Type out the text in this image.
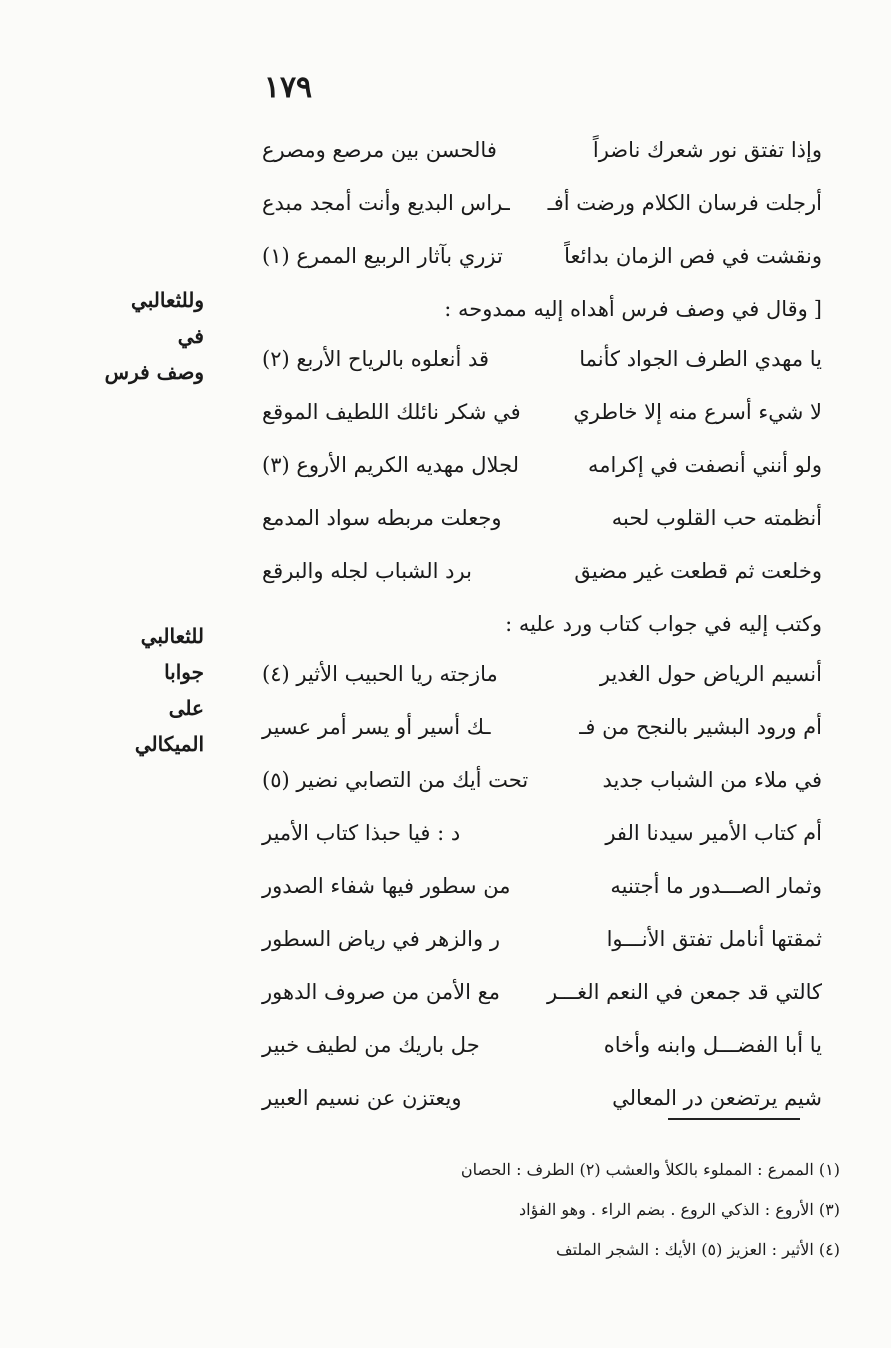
١٧٩
وللثعالبي في
وصف فرس
للثعالبي جوابا
على الميكالي
وإذا تفتق نور شعرك ناضراً
فالحسن بين مرصع ومصرع
أرجلت فرسان الكلام ورضت أفـ
ـراس البديع وأنت أمجد مبدع
ونقشت في فص الزمان بدائعاً
تزري بآثار الربيع الممرع (١)
[وقال في وصف فرس أهداه إليه ممدوحه :
يا مهدي الطرف الجواد كأنما
قد أنعلوه بالرياح الأربع (٢)
لا شيء أسرع منه إلا خاطري
في شكر نائلك اللطيف الموقع
ولو أنني أنصفت في إكرامه
لجلال مهديه الكريم الأروع (٣)
أنظمته حب القلوب لحبه
وجعلت مربطه سواد المدمع
وخلعت ثم قطعت غير مضيق
برد الشباب لجله والبرقع
وكتب إليه في جواب كتاب ورد عليه :
أنسيم الرياض حول الغدير
مازجته ريا الحبيب الأثير (٤)
أم ورود البشير بالنجح من فـ
ـك أسير أو يسر أمر عسير
في ملاء من الشباب جديد
تحت أيك من التصابي نضير (٥)
أم كتاب الأمير سيدنا الفر
د : فيا حبذا كتاب الأمير
وثمار الصـــدور ما أجتنيه
من سطور فيها شفاء الصدور
ثمقتها أنامل تفتق الأنـــوا
ر والزهر في رياض السطور
كالتي قد جمعن في النعم الغـــر
مع الأمن من صروف الدهور
يا أبا الفضـــل وابنه وأخاه
جل باريك من لطيف خبير
شيم يرتضعن در المعالي
ويعتزن عن نسيم العبير
(١) الممرع : المملوء بالكلأ والعشب (٢) الطرف : الحصان
(٣) الأروع : الذكي الروع . بضم الراء . وهو الفؤاد
(٤) الأثير : العزيز (٥) الأيك : الشجر الملتف
